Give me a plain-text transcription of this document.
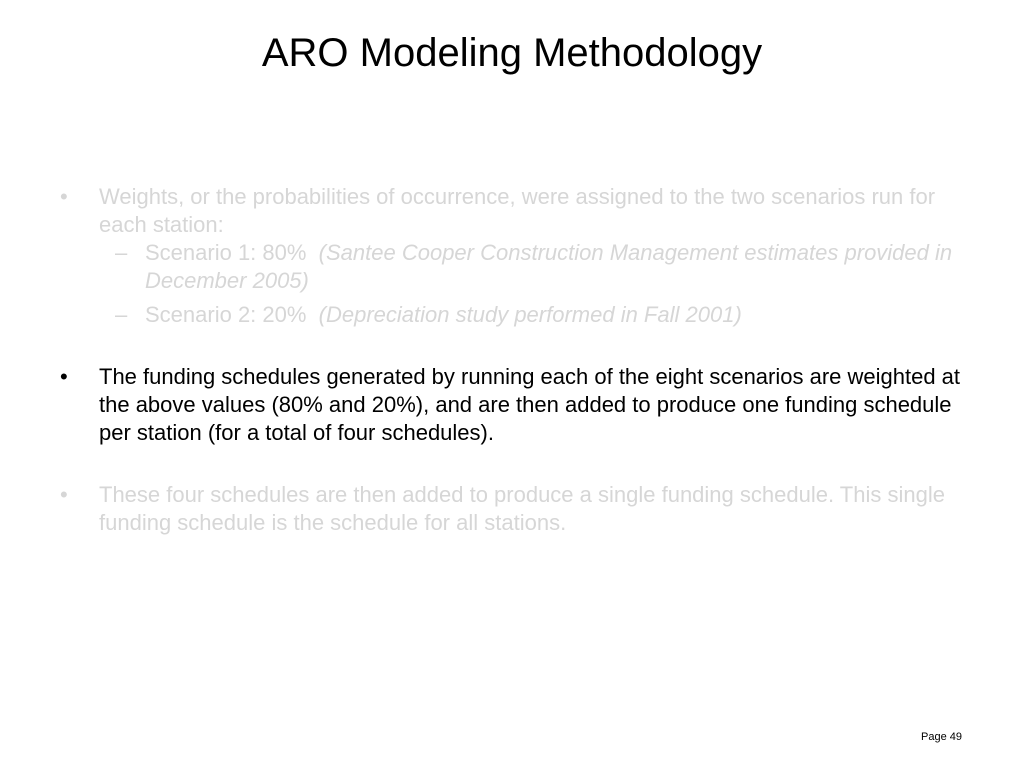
ARO Modeling Methodology
• Weights, or the probabilities of occurrence, were assigned to the two scenarios run for each station:
– Scenario 1: 80% (Santee Cooper Construction Management estimates provided in December 2005)
– Scenario 2: 20% (Depreciation study performed in Fall 2001)
• The funding schedules generated by running each of the eight scenarios are weighted at the above values (80% and 20%), and are then added to produce one funding schedule per station (for a total of four schedules).
• These four schedules are then added to produce a single funding schedule. This single funding schedule is the schedule for all stations.
Page 49
